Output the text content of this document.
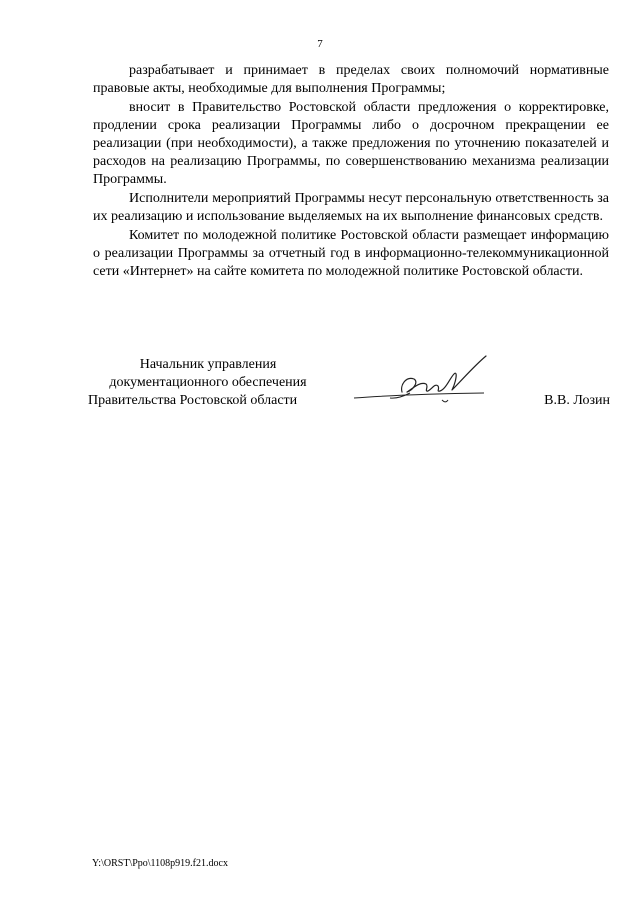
7

разрабатывает и принимает в пределах своих полномочий нормативные правовые акты, необходимые для выполнения Программы;

вносит в Правительство Ростовской области предложения о корректировке, продлении срока реализации Программы либо о досрочном прекращении ее реализации (при необходимости), а также предложения по уточнению показателей и расходов на реализацию Программы, по совершенствованию механизма реализации Программы.

Исполнители мероприятий Программы несут персональную ответственность за их реализацию и использование выделяемых на их выполнение финансовых средств.

Комитет по молодежной политике Ростовской области размещает информацию о реализации Программы за отчетный год в информационно-телекоммуникационной сети «Интернет» на сайте комитета по молодежной политике Ростовской области.

Начальник управления
документационного обеспечения
Правительства Ростовской области	В.В. Лозин
Y:\ORST\Ppo\1108p919.f21.docx
